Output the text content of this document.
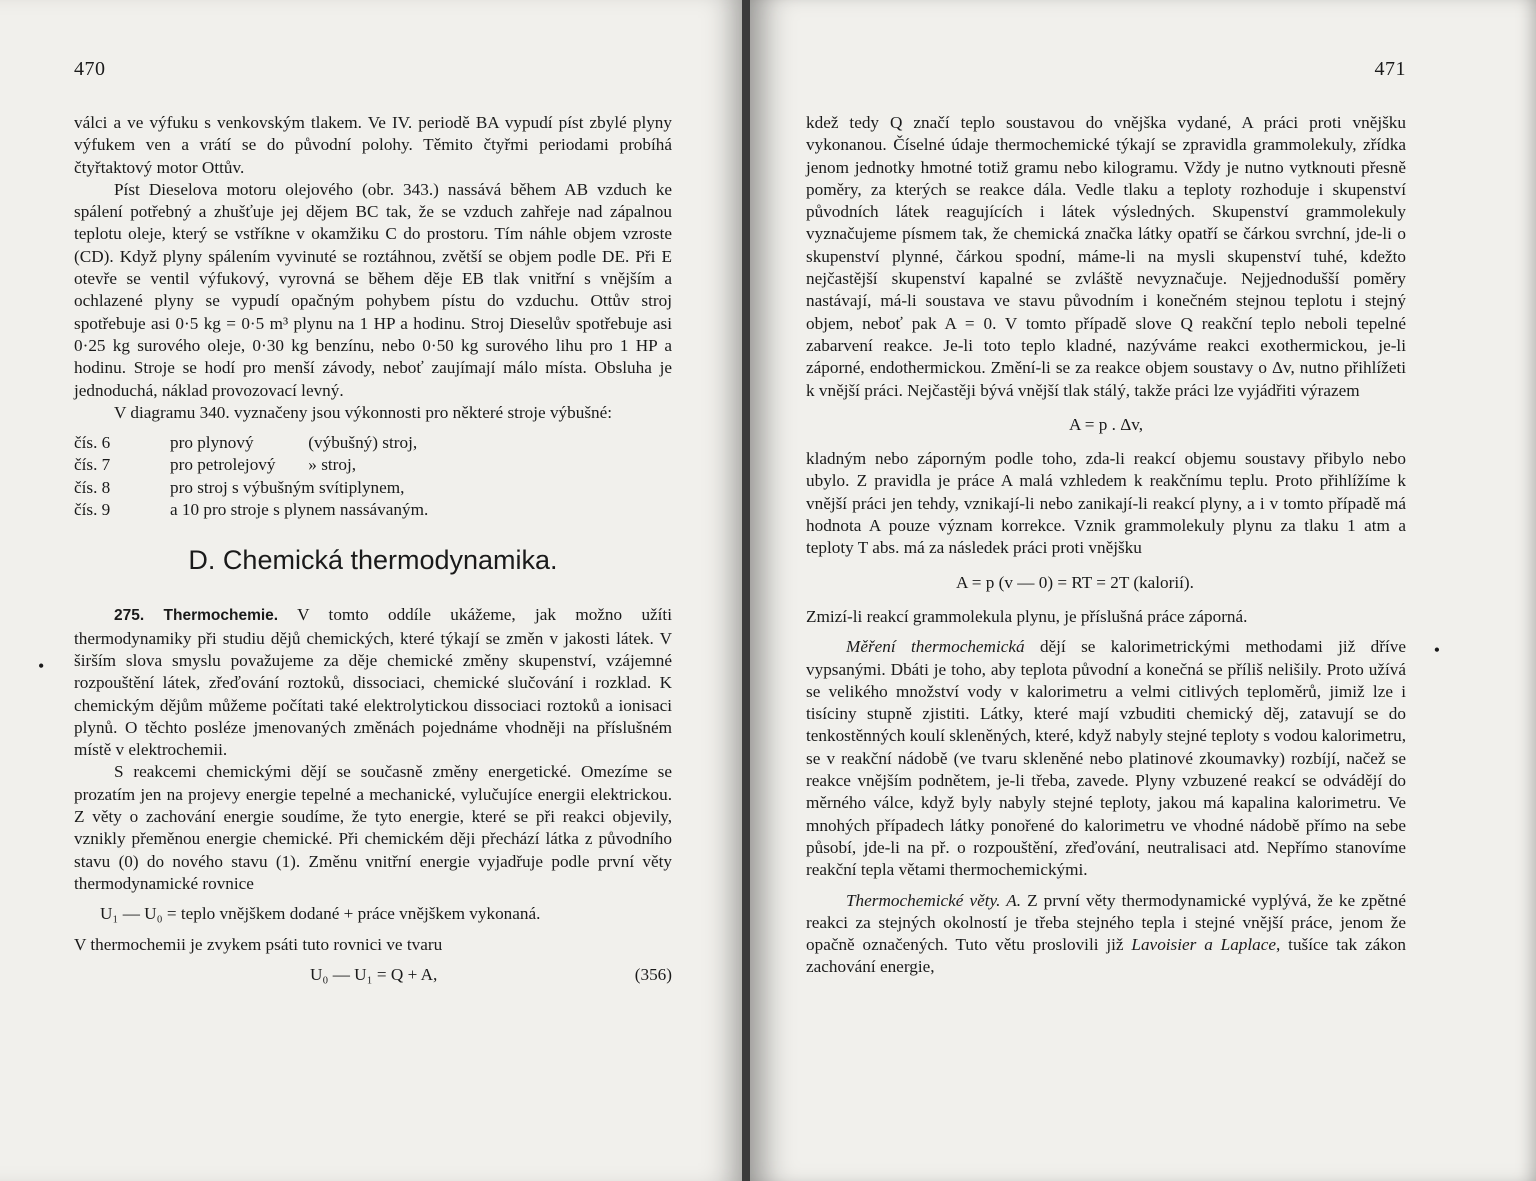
470

válci a ve výfuku s venkovským tlakem. Ve IV. periodě BA vypudí píst zbylé plyny výfukem ven a vrátí se do původní polohy. Těmito čtyřmi periodami probíhá čtyřtaktový motor Ottův.

Píst Dieselova motoru olejového (obr. 343.) nassává během AB vzduch ke spálení potřebný a zhušťuje jej dějem BC tak, že se vzduch zahřeje nad zápalnou teplotu oleje, který se vstříkne v okamžiku C do prostoru. Tím náhle objem vzroste (CD). Když plyny spálením vyvinuté se roztáhnou, zvětší se objem podle DE. Při E otevře se ventil výfukový, vyrovná se během děje EB tlak vnitřní s vnějším a ochlazené plyny se vypudí opačným pohybem pístu do vzduchu. Ottův stroj spotřebuje asi 0·5 kg = 0·5 m³ plynu na 1 HP a hodinu. Stroj Dieselův spotřebuje asi 0·25 kg surového oleje, 0·30 kg benzínu, nebo 0·50 kg surového lihu pro 1 HP a hodinu. Stroje se hodí pro menší závody, neboť zaujímají málo místa. Obsluha je jednoduchá, náklad provozovací levný.

V diagramu 340. vyznačeny jsou výkonnosti pro některé stroje výbušné:

čís. 6	pro plynový	(výbušný) stroj,
čís. 7	pro petrolejový » stroj,
čís. 8	pro stroj s výbušným svítiplynem,
čís. 9	a 10 pro stroje s plynem nassávaným.
D. Chemická thermodynamika.

275. Thermochemie. V tomto oddíle ukážeme, jak možno užíti thermodynamiky při studiu dějů chemických, které týkají se změn v jakosti látek. V širším slova smyslu považujeme za děje chemické změny skupenství, vzájemné rozpouštění látek, zřeďování roztoků, dissociaci, chemické slučování i rozklad. K chemickým dějům můžeme počítati také elektrolytickou dissociaci roztoků a ionisaci plynů. O těchto posléze jmenovaných změnách pojednáme vhodněji na příslušném místě v elektrochemii.

S reakcemi chemickými dějí se současně změny energetické. Omezíme se prozatím jen na projevy energie tepelné a mechanické, vylučujíce energii elektrickou. Z věty o zachování energie soudíme, že tyto energie, které se při reakci objevily, vznikly přeměnou energie chemické. Při chemickém ději přechází látka z původního stavu (0) do nového stavu (1). Změnu vnitřní energie vyjadřuje podle první věty thermodynamické rovnice

U₁ — U₀ = teplo vnějškem dodané + práce vnějškem vykonaná.

V thermochemii je zvykem psáti tuto rovnici ve tvaru

U₀ — U₁ = Q + A,	(356)
•
471

kdež tedy Q značí teplo soustavou do vnějška vydané, A práci proti vnějšku vykonanou. Číselné údaje thermochemické týkají se zpravidla grammolekuly, zřídka jenom jednotky hmotné totiž gramu nebo kilogramu. Vždy je nutno vytknouti přesně poměry, za kterých se reakce dála. Vedle tlaku a teploty rozhoduje i skupenství původních látek reagujících i látek výsledných. Skupenství grammolekuly vyznačujeme písmem tak, že chemická značka látky opatří se čárkou svrchní, jde-li o skupenství plynné, čárkou spodní, máme-li na mysli skupenství tuhé, kdežto nejčastější skupenství kapalné se zvláště nevyznačuje. Nejjednodušší poměry nastávají, má-li soustava ve stavu původním i konečném stejnou teplotu i stejný objem, neboť pak A = 0. V tomto případě slove Q reakční teplo neboli tepelné zabarvení reakce. Je-li toto teplo kladné, nazýváme reakci exothermickou, je-li záporné, endothermickou. Změní-li se za reakce objem soustavy o Δv, nutno přihlížeti k vnější práci. Nejčastěji bývá vnější tlak stálý, takže práci lze vyjádřiti výrazem

A = p . Δv,

kladným nebo záporným podle toho, zda-li reakcí objemu soustavy přibylo nebo ubylo. Z pravidla je práce A malá vzhledem k reakčnímu teplu. Proto přihlížíme k vnější práci jen tehdy, vznikají-li nebo zanikají-li reakcí plyny, a i v tomto případě má hodnota A pouze význam korrekce. Vznik grammolekuly plynu za tlaku 1 atm a teploty T abs. má za následek práci proti vnějšku

A = p (v — 0) = RT = 2T (kalorií).

Zmizí-li reakcí grammolekula plynu, je příslušná práce záporná.

Měření thermochemická dějí se kalorimetrickými methodami již dříve vypsanými. Dbáti je toho, aby teplota původní a konečná se příliš nelišily. Proto užívá se velikého množství vody v kalorimetru a velmi citlivých teploměrů, jimiž lze i tisíciny stupně zjistiti. Látky, které mají vzbuditi chemický děj, zatavují se do tenkostěnných koulí skleněných, které, když nabyly stejné teploty s vodou kalorimetru, se v reakční nádobě (ve tvaru skleněné nebo platinové zkoumavky) rozbíjí, načež se reakce vnějším podnětem, je-li třeba, zavede. Plyny vzbuzené reakcí se odvádějí do měrného válce, když byly nabyly stejné teploty, jakou má kapalina kalorimetru. Ve mnohých případech látky ponořené do kalorimetru ve vhodné nádobě přímo na sebe působí, jde-li na př. o rozpouštění, zřeďování, neutralisaci atd. Nepřímo stanovíme reakční tepla větami thermochemickými.

Thermochemické věty. A. Z první věty thermodynamické vyplývá, že ke zpětné reakci za stejných okolností je třeba stejného tepla i stejné vnější práce, jenom že opačně označených. Tuto větu proslovili již Lavoisier a Laplace, tušíce tak zákon zachování energie,

•
